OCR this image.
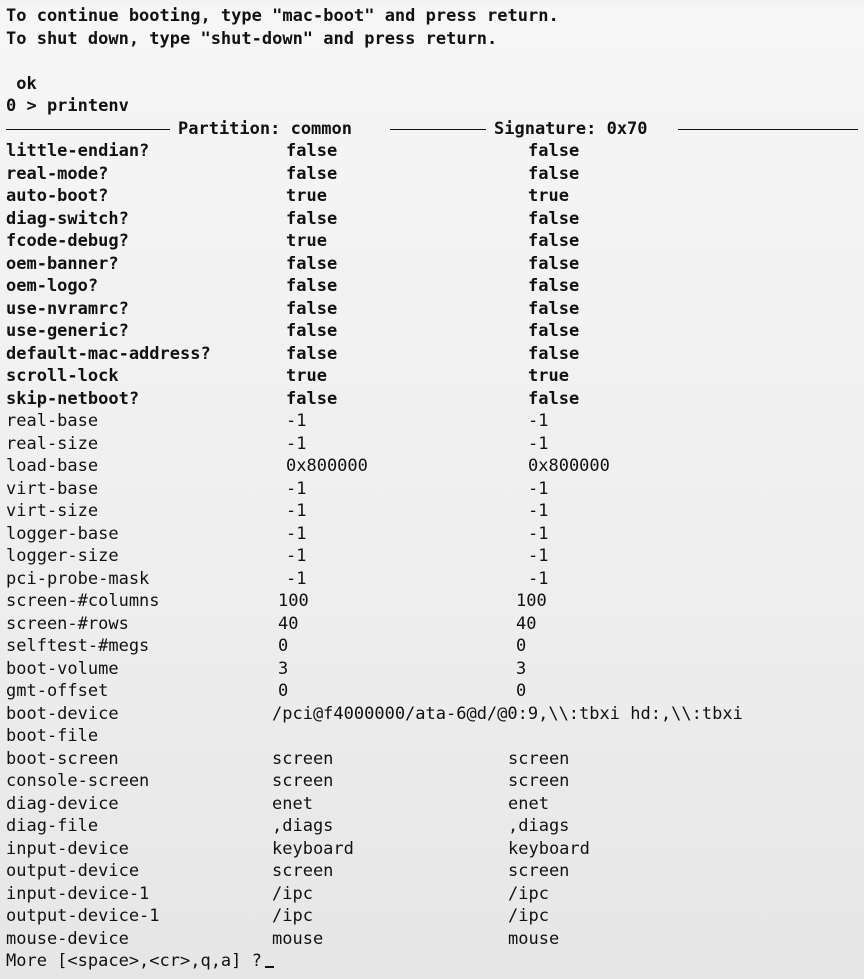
To continue booting, type "mac-boot" and press return.
To shut down, type "shut-down" and press return.
ok
0 > printenv
Partition: common	Signature: 0x70
little-endian?	false	false
real-mode?	false	false
auto-boot?	true	true
diag-switch?	false	false
fcode-debug?	true	false
oem-banner?	false	false
oem-logo?	false	false
use-nvramrc?	false	false
use-generic?	false	false
default-mac-address?	false	false
scroll-lock	true	true
skip-netboot?	false	false
real-base	-1	-1
real-size	-1	-1
load-base	0x800000	0x800000
virt-base	-1	-1
virt-size	-1	-1
logger-base	-1	-1
logger-size	-1	-1
pci-probe-mask	-1	-1
screen-#columns	100	100
screen-#rows	40	40
selftest-#megs	0	0
boot-volume	3	3
gmt-offset	0	0
boot-device	/pci@f4000000/ata-6@d/@0:9,\\:tbxi hd:,\\:tbxi
boot-file
boot-screen	screen	screen
console-screen	screen	screen
diag-device	enet	enet
diag-file	,diags	,diags
input-device	keyboard	keyboard
output-device	screen	screen
input-device-1	/ipc	/ipc
output-device-1	/ipc	/ipc
mouse-device	mouse	mouse
More [<space>,<cr>,q,a] ?
